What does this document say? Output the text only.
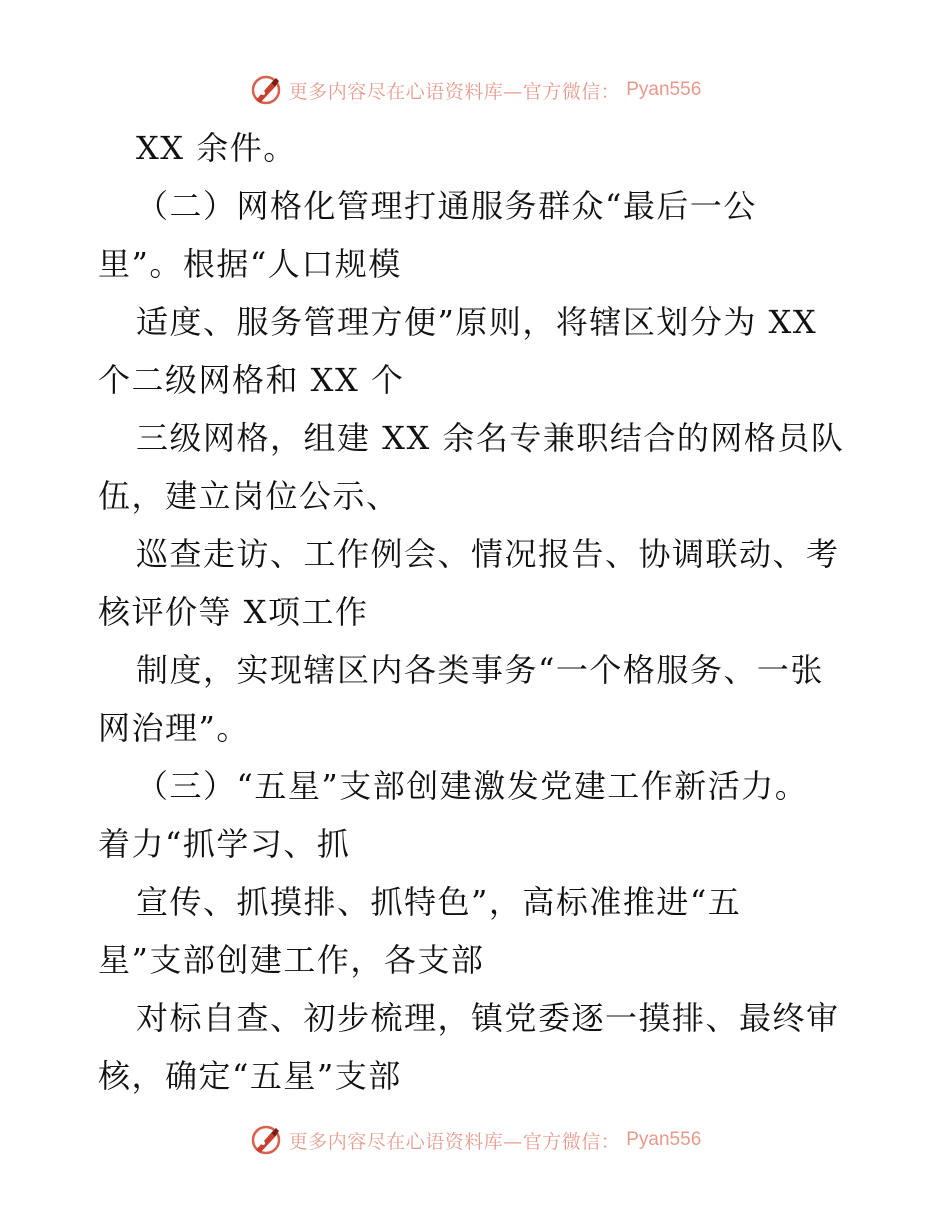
更多内容尽在心语资料库—官方微信： Pyan556
XX 余件。
（二）网格化管理打通服务群众“最后一公
里”。根据“人口规模
适度、服务管理方便”原则，将辖区划分为 XX
个二级网格和 XX 个
三级网格，组建 XX 余名专兼职结合的网格员队
伍，建立岗位公示、
巡查走访、工作例会、情况报告、协调联动、考
核评价等 X项工作
制度，实现辖区内各类事务“一个格服务、一张
网治理”。
（三）“五星”支部创建激发党建工作新活力。
着力“抓学习、抓
宣传、抓摸排、抓特色”，高标准推进“五
星”支部创建工作，各支部
对标自查、初步梳理，镇党委逐一摸排、最终审
核，确定“五星”支部
更多内容尽在心语资料库—官方微信： Pyan556
